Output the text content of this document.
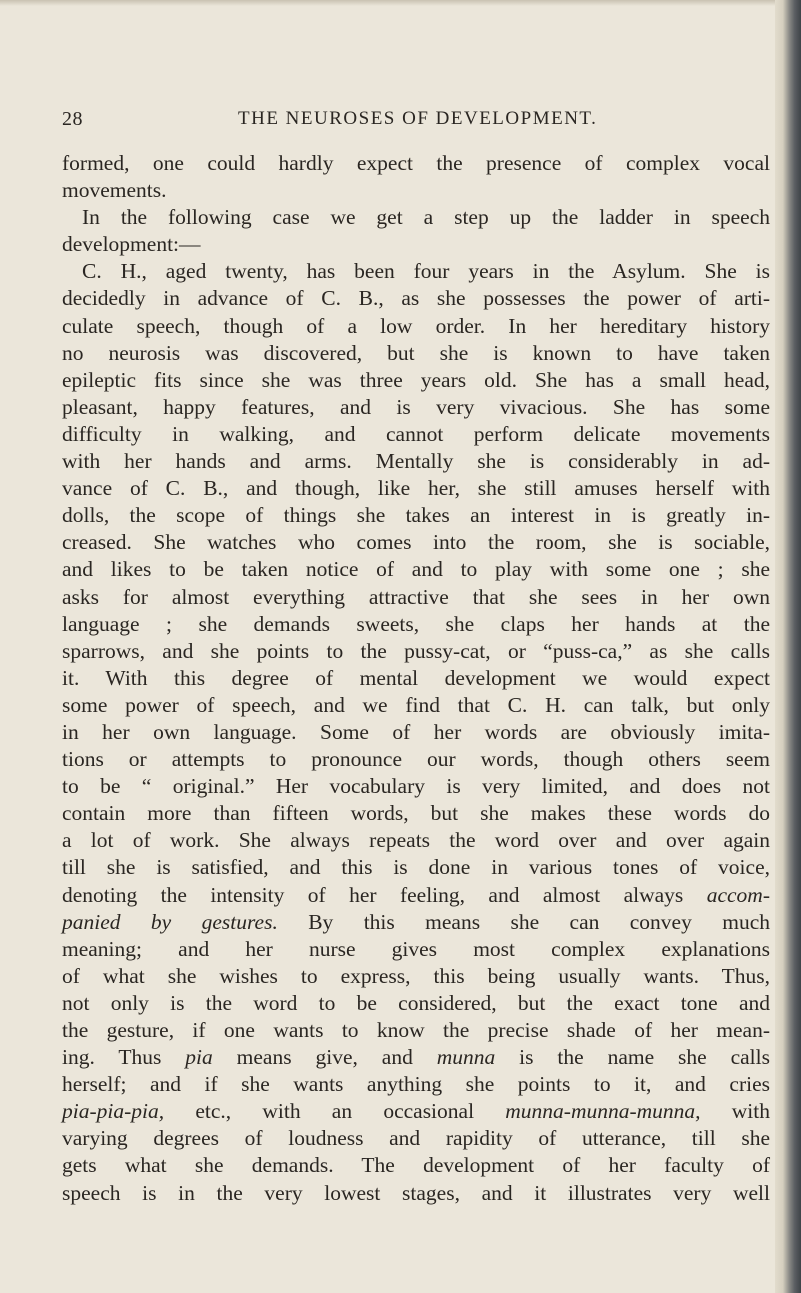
28	THE NEUROSES OF DEVELOPMENT.
formed, one could hardly expect the presence of complex vocal
movements.
In the following case we get a step up the ladder in speech
development:—
C. H., aged twenty, has been four years in the Asylum. She is
decidedly in advance of C. B., as she possesses the power of arti-
culate speech, though of a low order. In her hereditary history
no neurosis was discovered, but she is known to have taken
epileptic fits since she was three years old. She has a small head,
pleasant, happy features, and is very vivacious. She has some
difficulty in walking, and cannot perform delicate movements
with her hands and arms. Mentally she is considerably in ad-
vance of C. B., and though, like her, she still amuses herself with
dolls, the scope of things she takes an interest in is greatly in-
creased. She watches who comes into the room, she is sociable,
and likes to be taken notice of and to play with some one ; she
asks for almost everything attractive that she sees in her own
language ; she demands sweets, she claps her hands at the
sparrows, and she points to the pussy-cat, or “puss-ca,” as she calls
it. With this degree of mental development we would expect
some power of speech, and we find that C. H. can talk, but only
in her own language. Some of her words are obviously imita-
tions or attempts to pronounce our words, though others seem
to be “ original.” Her vocabulary is very limited, and does not
contain more than fifteen words, but she makes these words do
a lot of work. She always repeats the word over and over again
till she is satisfied, and this is done in various tones of voice,
denoting the intensity of her feeling, and almost always accom-
panied by gestures. By this means she can convey much
meaning; and her nurse gives most complex explanations
of what she wishes to express, this being usually wants. Thus,
not only is the word to be considered, but the exact tone and
the gesture, if one wants to know the precise shade of her mean-
ing. Thus pia means give, and munna is the name she calls
herself; and if she wants anything she points to it, and cries
pia-pia-pia, etc., with an occasional munna-munna-munna, with
varying degrees of loudness and rapidity of utterance, till she
gets what she demands. The development of her faculty of
speech is in the very lowest stages, and it illustrates very well
